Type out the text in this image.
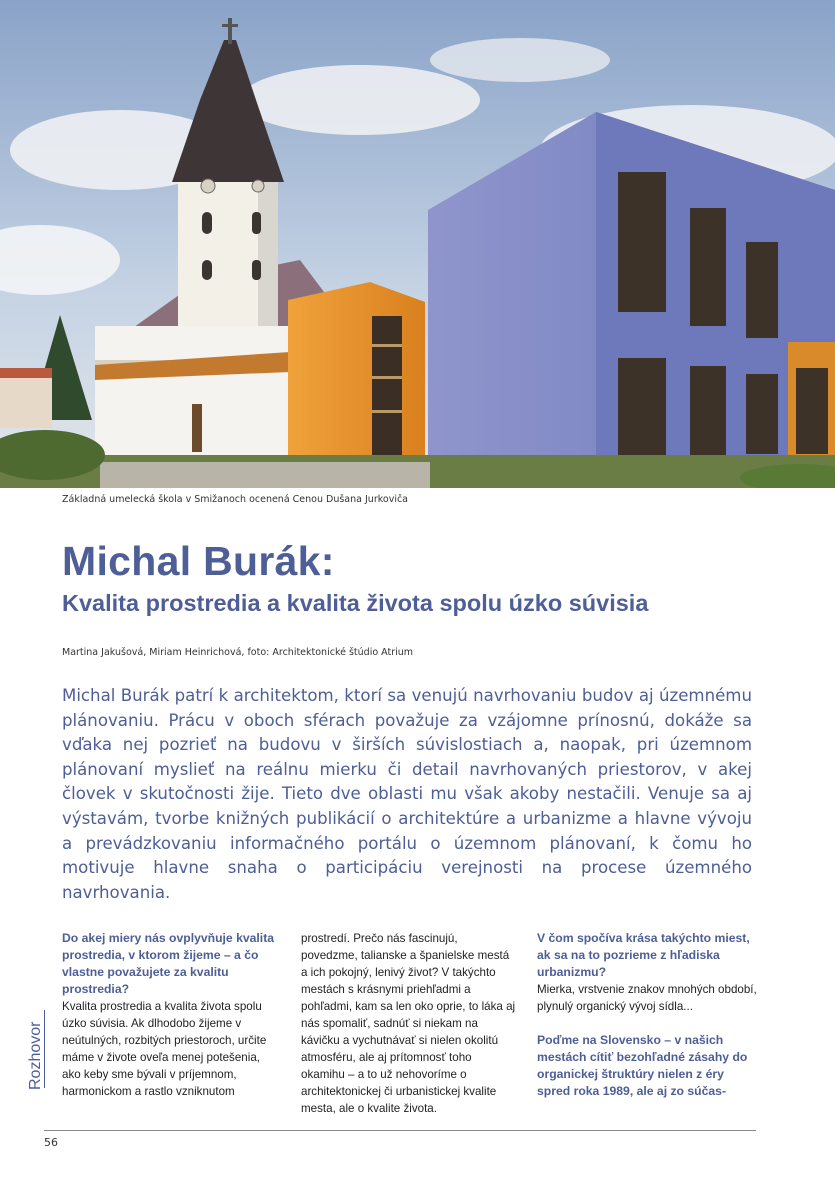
Základná umelecká škola v Smižanoch ocenená Cenou Dušana Jurkoviča
Michal Burák:
Kvalita prostredia a kvalita života spolu úzko súvisia
Martina Jakušová, Miriam Heinrichová, foto: Architektonické štúdio Atrium

Michal Burák patrí k architektom, ktorí sa venujú navrhovaniu budov aj územnému plánovaniu. Prácu v oboch sférach považuje za vzájomne prínosnú, dokáže sa vďaka nej pozrieť na budovu v širších súvislostiach a, naopak, pri územnom plánovaní myslieť na reálnu mierku či detail navrhovaných priestorov, v akej človek v skutočnosti žije. Tieto dve oblasti mu však akoby nestačili. Venuje sa aj výstavám, tvorbe knižných publikácií o architektúre a urbanizme a hlavne vývoju a prevádzkovaniu informačného portálu o územnom plánovaní, k čomu ho motivuje hlavne snaha o participáciu verejnosti na procese územného navrhovania.

Do akej miery nás ovplyvňuje kvalita prostredia, v ktorom žijeme – a čo vlastne považujete za kvalitu prostredia?

Kvalita prostredia a kvalita života spolu úzko súvisia. Ak dlhodobo žijeme v neútulných, rozbitých priestoroch, určite máme v živote oveľa menej potešenia, ako keby sme bývali v príjemnom, harmonickom a rastlo vzniknutom

prostredí. Prečo nás fascinujú, povedzme, talianske a španielske mestá a ich pokojný, lenivý život? V takýchto mestách s krásnymi priehľadmi a pohľadmi, kam sa len oko oprie, to láka aj nás spomaliť, sadnúť si niekam na kávičku a vychutnávať si nielen okolitú atmosféru, ale aj prítomnosť toho okamihu – a to už nehovoríme o architektonickej či urbanistickej kvalite mesta, ale o kvalite života.

V čom spočíva krása takýchto miest, ak sa na to pozrieme z hľadiska urbanizmu?

Mierka, vrstvenie znakov mnohých období, plynulý organický vývoj sídla...

Poďme na Slovensko – v našich mestách cítiť bezohľadné zásahy do organickej štruktúry nielen z éry spred roka 1989, ale aj zo súčas-

Rozhovor
56
